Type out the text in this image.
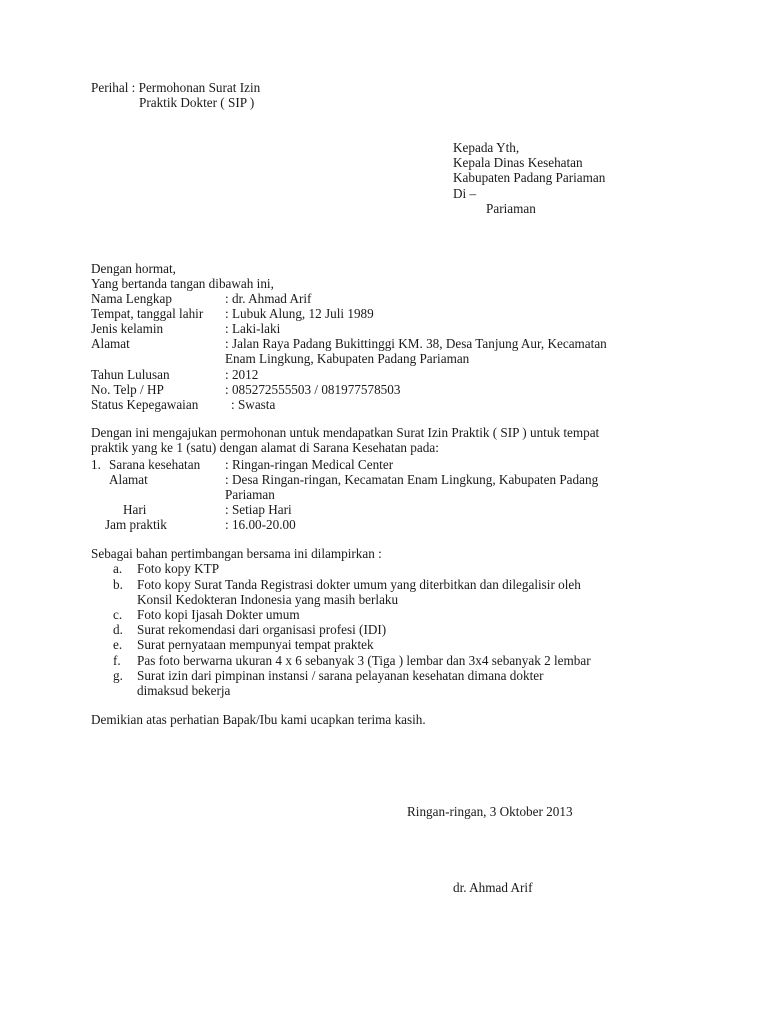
Perihal : Permohonan Surat Izin
Praktik Dokter ( SIP )
Kepada Yth,
Kepala Dinas Kesehatan
Kabupaten Padang Pariaman
Di –
Pariaman
Dengan hormat,
Yang bertanda tangan dibawah ini,
Nama Lengkap	: dr. Ahmad Arif
Tempat, tanggal lahir : Lubuk Alung, 12 Juli 1989
Jenis kelamin	: Laki-laki
Alamat	: Jalan Raya Padang Bukittinggi KM. 38, Desa Tanjung Aur, Kecamatan
Enam Lingkung, Kabupaten Padang Pariaman
Tahun Lulusan	: 2012
No. Telp / HP	: 085272555503 / 081977578503
Status Kepegawaian : Swasta
Dengan ini mengajukan permohonan untuk mendapatkan Surat Izin Praktik ( SIP ) untuk tempat
praktik yang ke 1 (satu) dengan alamat di Sarana Kesehatan pada:
1. Sarana kesehatan : Ringan-ringan Medical Center
Alamat	: Desa Ringan-ringan, Kecamatan Enam Lingkung, Kabupaten Padang
Pariaman
Hari	: Setiap Hari
Jam praktik	: 16.00-20.00
Sebagai bahan pertimbangan bersama ini dilampirkan :
a. Foto kopy KTP
b. Foto kopy Surat Tanda Registrasi dokter umum yang diterbitkan dan dilegalisir oleh
Konsil Kedokteran Indonesia yang masih berlaku
c. Foto kopi Ijasah Dokter umum
d. Surat rekomendasi dari organisasi profesi (IDI)
e. Surat pernyataan mempunyai tempat praktek
f. Pas foto berwarna ukuran 4 x 6 sebanyak 3 (Tiga ) lembar dan 3x4 sebanyak 2 lembar
g. Surat izin dari pimpinan instansi / sarana pelayanan kesehatan dimana dokter
dimaksud bekerja
Demikian atas perhatian Bapak/Ibu kami ucapkan terima kasih.
Ringan-ringan, 3 Oktober 2013
dr. Ahmad Arif
